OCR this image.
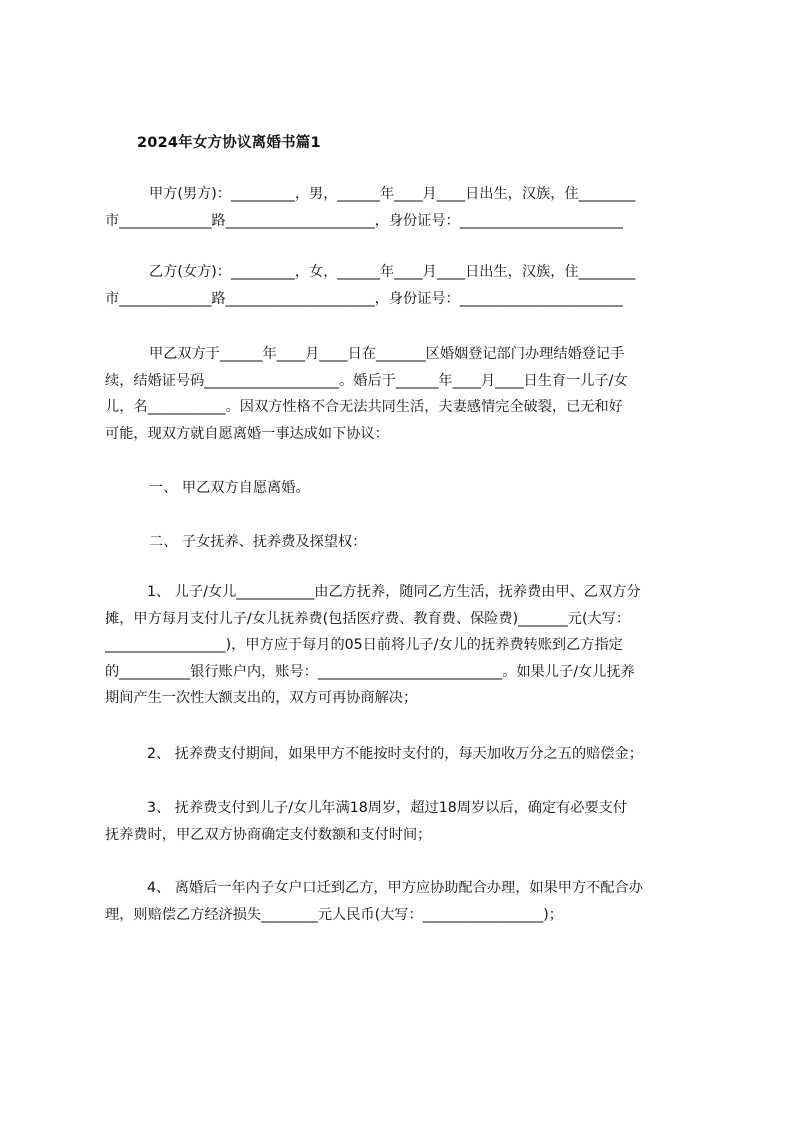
2024年女方协议离婚书篇1
甲方(男方)：_________，男，______年____月____日出生，汉族，住________
市_____________路_____________________，身份证号：_______________________
乙方(女方)：_________，女，______年____月____日出生，汉族，住________
市_____________路_____________________，身份证号：_______________________
甲乙双方于______年____月____日在_______区婚姻登记部门办理结婚登记手
续，结婚证号码___________________。婚后于______年____月____日生育一儿子/女
儿，名___________。因双方性格不合无法共同生活，夫妻感情完全破裂，已无和好
可能，现双方就自愿离婚一事达成如下协议：
一、 甲乙双方自愿离婚。
二、 子女抚养、抚养费及探望权：
1、 儿子/女儿___________由乙方抚养，随同乙方生活，抚养费由甲、乙双方分
摊，甲方每月支付儿子/女儿抚养费(包括医疗费、教育费、保险费)_______元(大写：
_________________)，甲方应于每月的05日前将儿子/女儿的抚养费转账到乙方指定
的__________银行账户内，账号：__________________________。如果儿子/女儿抚养
期间产生一次性大额支出的，双方可再协商解决；
2、 抚养费支付期间，如果甲方不能按时支付的，每天加收万分之五的赔偿金；
3、 抚养费支付到儿子/女儿年满18周岁，超过18周岁以后，确定有必要支付
抚养费时，甲乙双方协商确定支付数额和支付时间；
4、 离婚后一年内子女户口迁到乙方，甲方应协助配合办理，如果甲方不配合办
理，则赔偿乙方经济损失________元人民币(大写：_________________)；
